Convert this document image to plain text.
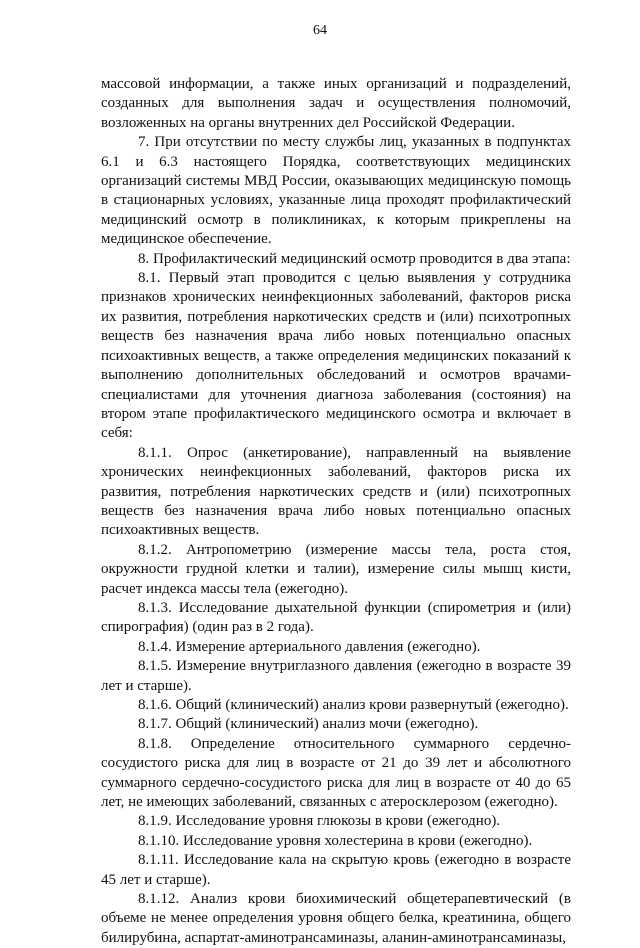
64

массовой информации, а также иных организаций и подразделений, созданных для выполнения задач и осуществления полномочий, возложенных на органы внутренних дел Российской Федерации.

7. При отсутствии по месту службы лиц, указанных в подпунктах 6.1 и 6.3 настоящего Порядка, соответствующих медицинских организаций системы МВД России, оказывающих медицинскую помощь в стационарных условиях, указанные лица проходят профилактический медицинский осмотр в поликлиниках, к которым прикреплены на медицинское обеспечение.

8. Профилактический медицинский осмотр проводится в два этапа:

8.1. Первый этап проводится с целью выявления у сотрудника признаков хронических неинфекционных заболеваний, факторов риска их развития, потребления наркотических средств и (или) психотропных веществ без назначения врача либо новых потенциально опасных психоактивных веществ, а также определения медицинских показаний к выполнению дополнительных обследований и осмотров врачами-специалистами для уточнения диагноза заболевания (состояния) на втором этапе профилактического медицинского осмотра и включает в себя:

8.1.1. Опрос (анкетирование), направленный на выявление хронических неинфекционных заболеваний, факторов риска их развития, потребления наркотических средств и (или) психотропных веществ без назначения врача либо новых потенциально опасных психоактивных веществ.

8.1.2. Антропометрию (измерение массы тела, роста стоя, окружности грудной клетки и талии), измерение силы мышц кисти, расчет индекса массы тела (ежегодно).

8.1.3. Исследование дыхательной функции (спирометрия и (или) спирография) (один раз в 2 года).

8.1.4. Измерение артериального давления (ежегодно).

8.1.5. Измерение внутриглазного давления (ежегодно в возрасте 39 лет и старше).

8.1.6. Общий (клинический) анализ крови развернутый (ежегодно).

8.1.7. Общий (клинический) анализ мочи (ежегодно).

8.1.8. Определение относительного суммарного сердечно-сосудистого риска для лиц в возрасте от 21 до 39 лет и абсолютного суммарного сердечно-сосудистого риска для лиц в возрасте от 40 до 65 лет, не имеющих заболеваний, связанных с атеросклерозом (ежегодно).

8.1.9. Исследование уровня глюкозы в крови (ежегодно).

8.1.10. Исследование уровня холестерина в крови (ежегодно).

8.1.11. Исследование кала на скрытую кровь (ежегодно в возрасте 45 лет и старше).

8.1.12. Анализ крови биохимический общетерапевтический (в объеме не менее определения уровня общего белка, креатинина, общего билирубина, аспартат-аминотрансаминазы, аланин-аминотрансаминазы,
